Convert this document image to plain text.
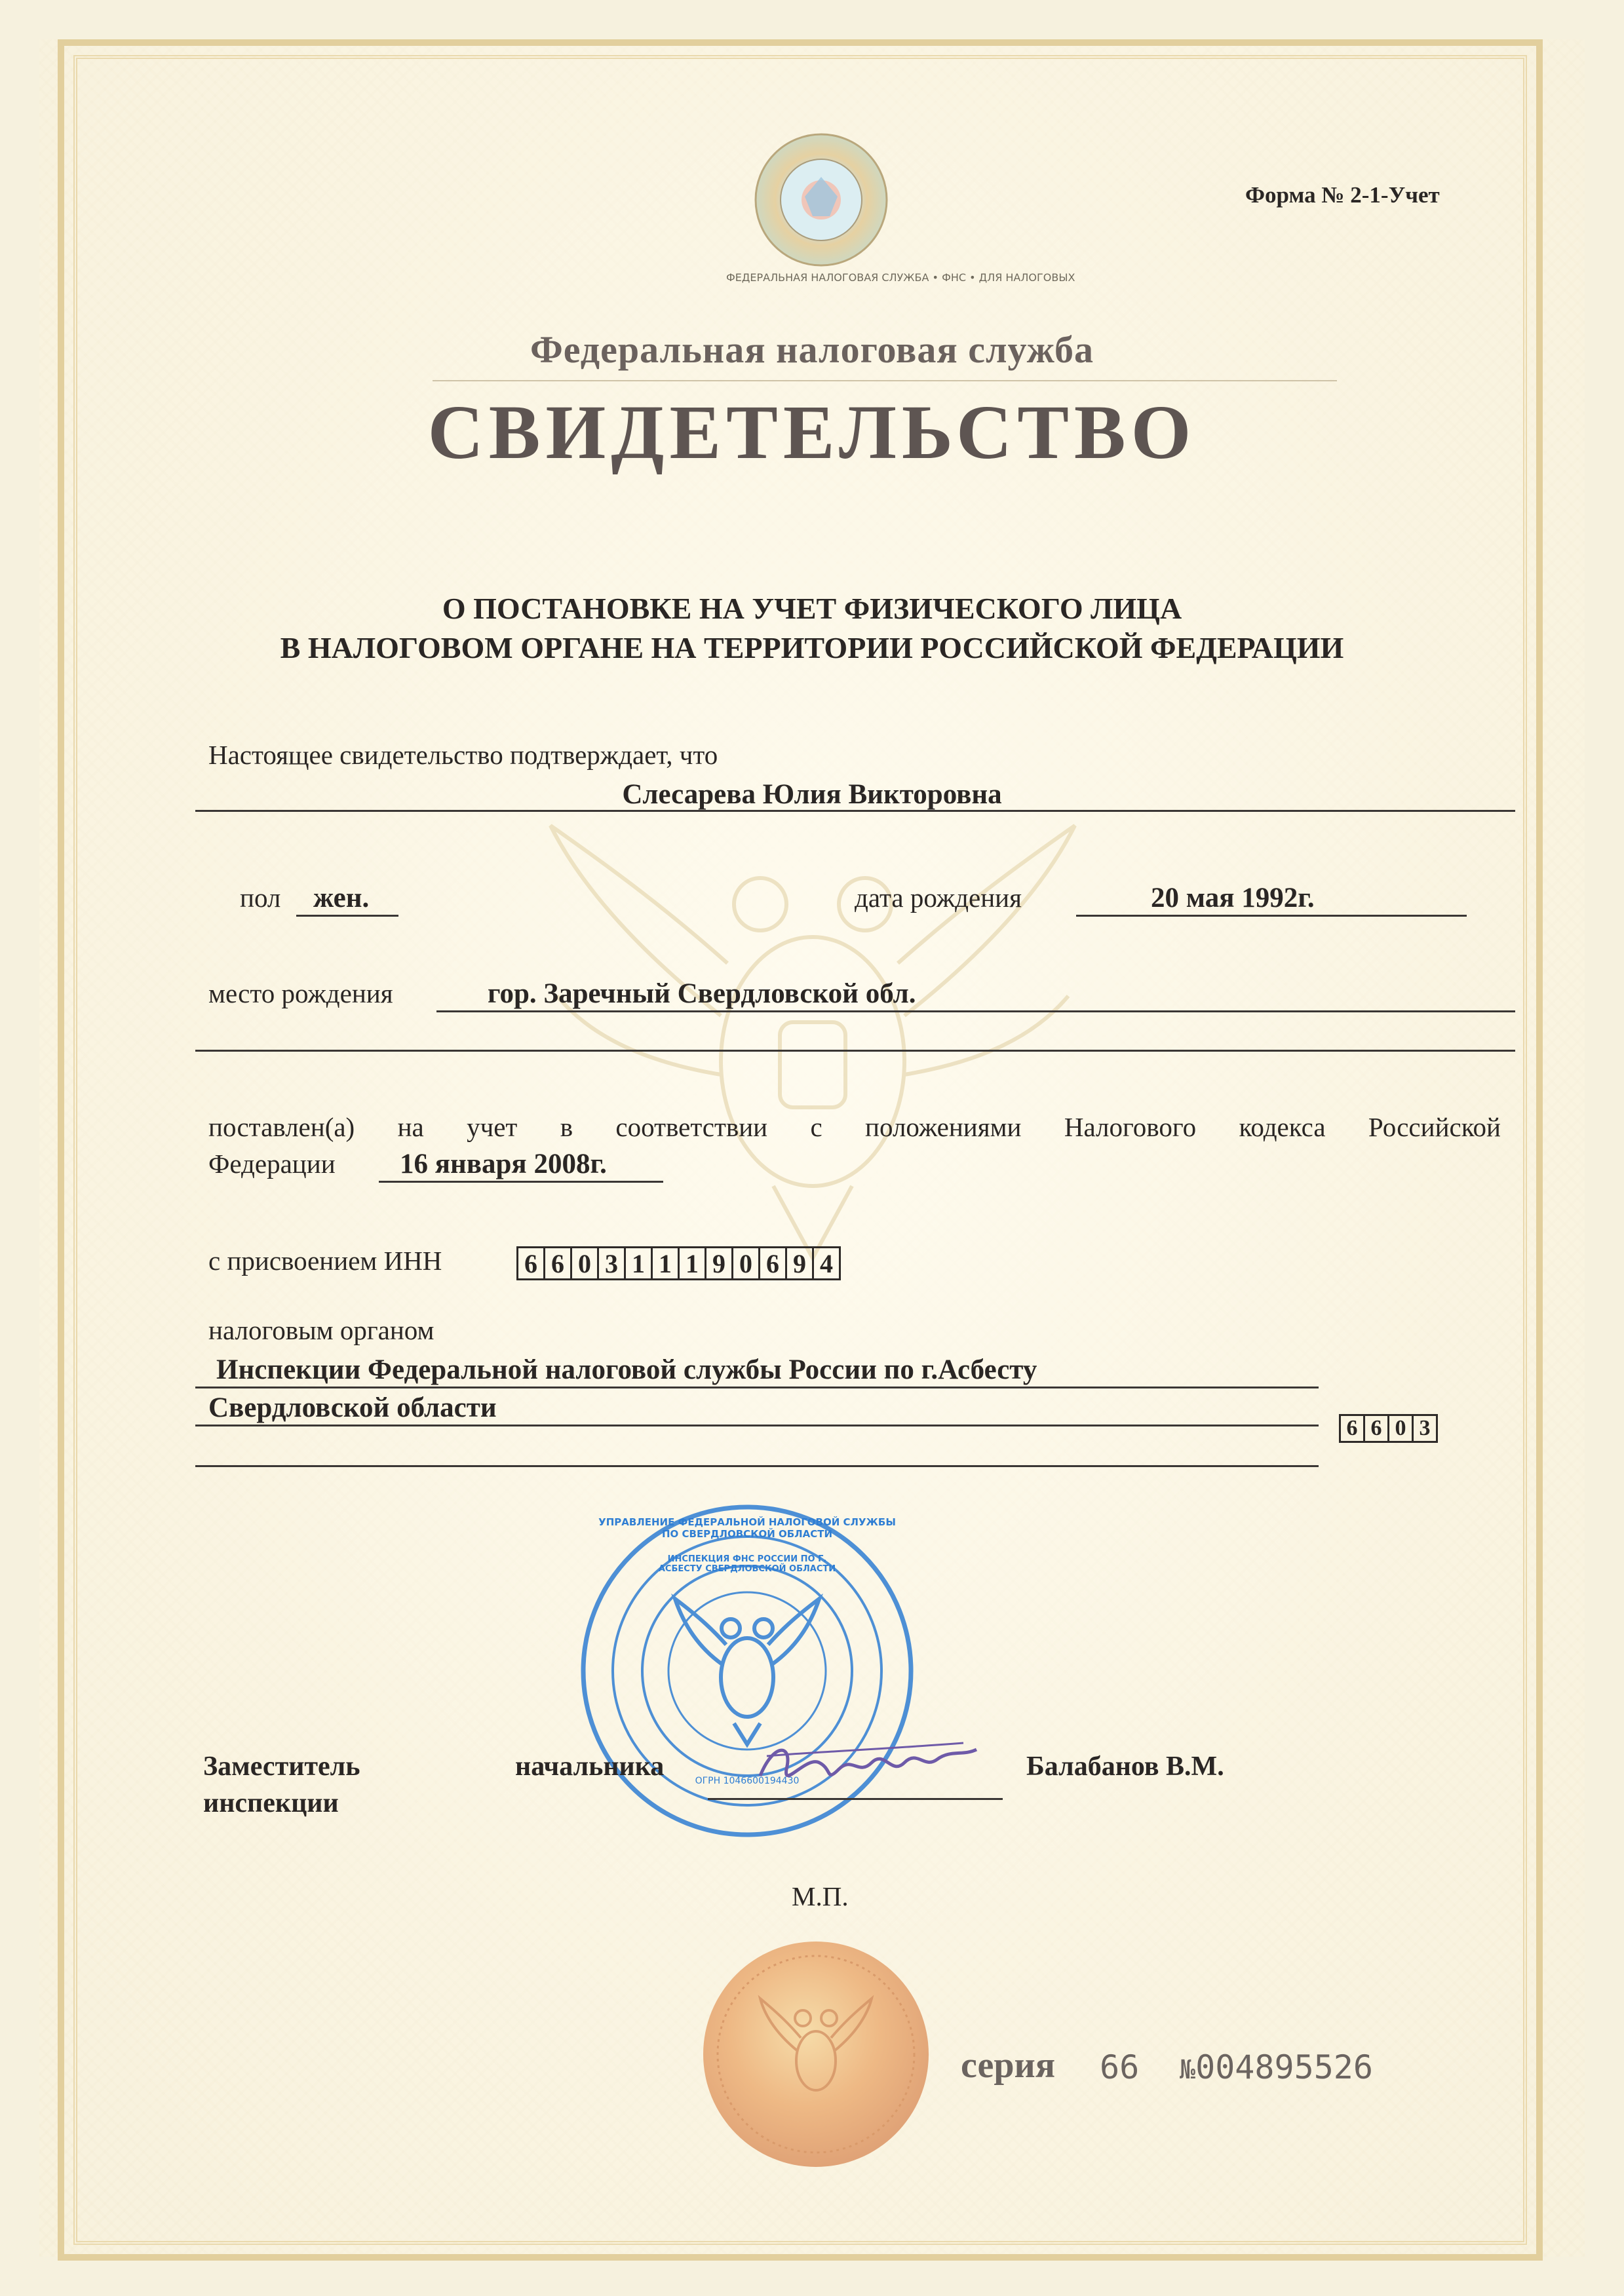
ФЕДЕРАЛЬНАЯ НАЛОГОВАЯ СЛУЖБА • ФНС • ДЛЯ НАЛОГОВЫХ
Форма № 2-1-Учет
Федеральная налоговая служба
СВИДЕТЕЛЬСТВО
О ПОСТАНОВКЕ НА УЧЕТ ФИЗИЧЕСКОГО ЛИЦА
В НАЛОГОВОМ ОРГАНЕ НА ТЕРРИТОРИИ РОССИЙСКОЙ ФЕДЕРАЦИИ
Настоящее свидетельство подтверждает, что
Слесарева Юлия Викторовна
пол жен.	дата рождения	20 мая 1992г.
место рождения	гор. Заречный Свердловской обл.
поставлен(а) на учет в соответствии с положениями Налогового кодекса Российской
Федерации 16 января 2008г.
с присвоением ИНН	6 6 0 3 1 1 1 9 0 6 9 4
налоговым органом
Инспекции Федеральной налоговой службы России по г.Асбесту
Свердловской области
6 6 0 3
УПРАВЛЕНИЕ ФЕДЕРАЛЬНОЙ НАЛОГОВОЙ СЛУЖБЫ ПО СВЕРДЛОВСКОЙ ОБЛАСТИ
ИНСПЕКЦИЯ ФНС РОССИИ ПО Г. АСБЕСТУ СВЕРДЛОВСКОЙ ОБЛАСТИ
ОГРН 1046600194430
Заместитель
инспекции
начальника	Балабанов В.М.
М.П.
серия 66 №004895526
